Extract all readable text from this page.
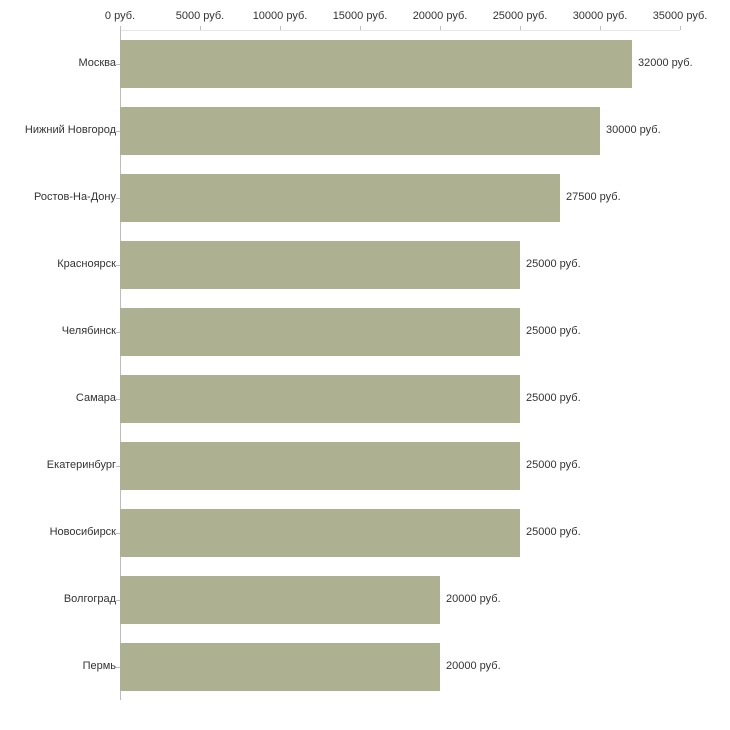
0 руб.	5000 руб.	10000 руб. 15000 руб. 20000 руб. 25000 руб. 30000 руб. 35000 руб.
32000 руб.
30000 руб.
27500 руб.
25000 руб.
25000 руб.
25000 руб.
25000 руб.
25000 руб.
20000 руб.
20000 руб.
Москва
Нижний Новгород
Ростов-На-Дону
Красноярск
Челябинск
Самара
Екатеринбург
Новосибирск
Волгоград
Пермь
